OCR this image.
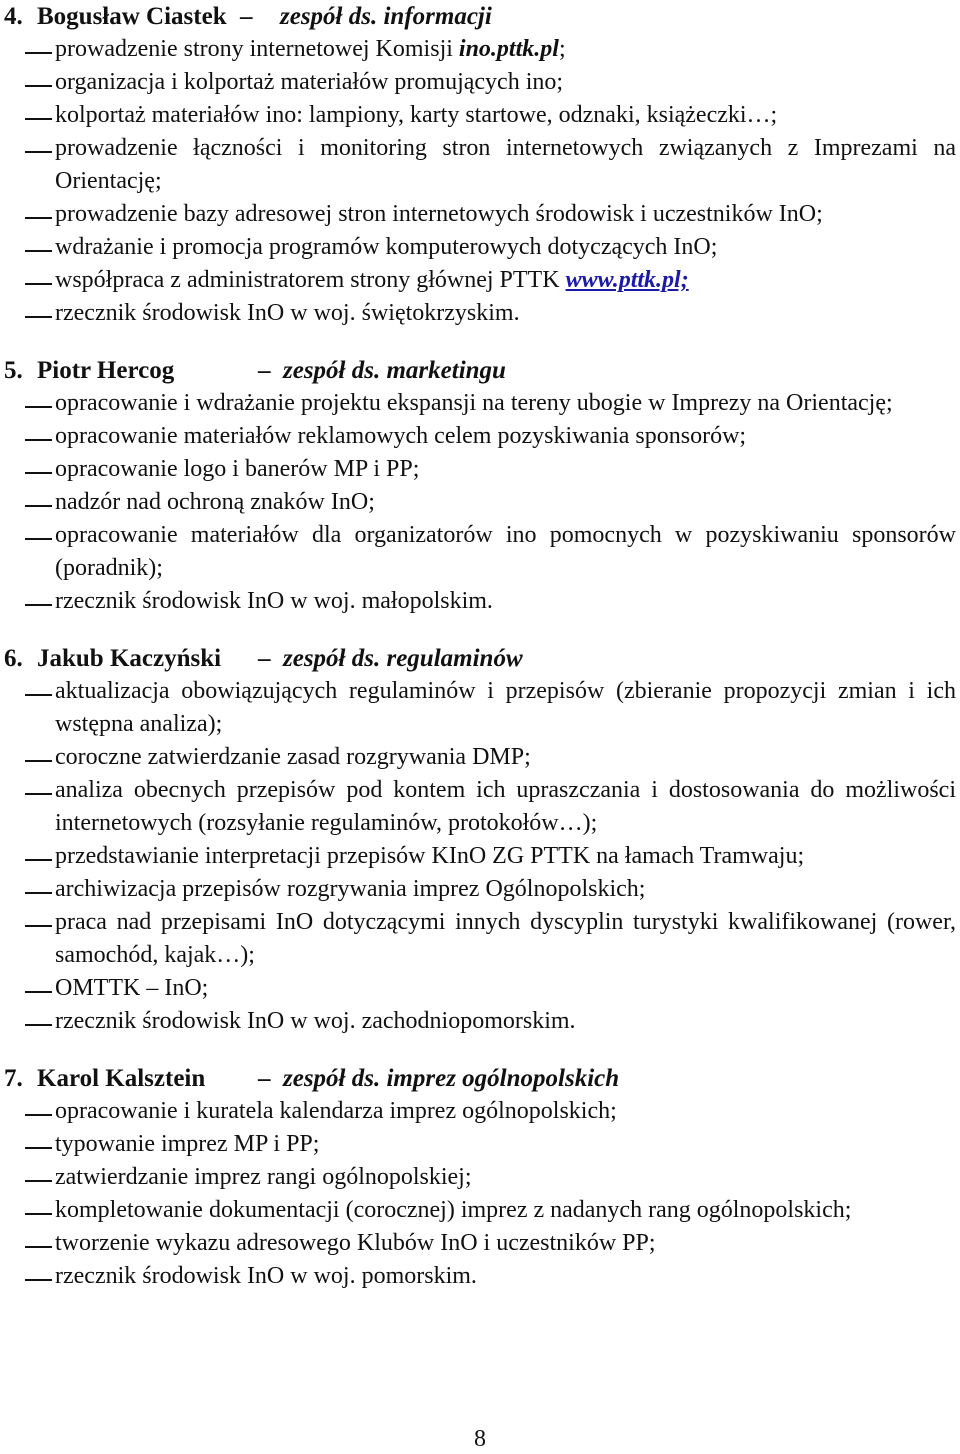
4. Bogusław Ciastek – zespół ds. informacji
prowadzenie strony internetowej Komisji ino.pttk.pl;
organizacja i kolportaż materiałów promujących ino;
kolportaż materiałów ino: lampiony, karty startowe, odznaki, książeczki…;
prowadzenie łączności i monitoring stron internetowych związanych z Imprezami na Orientację;
prowadzenie bazy adresowej stron internetowych środowisk i uczestników InO;
wdrażanie i promocja programów komputerowych dotyczących InO;
współpraca z administratorem strony głównej PTTK www.pttk.pl;
rzecznik środowisk InO w woj. świętokrzyskim.
5. Piotr Hercog	– zespół ds. marketingu
opracowanie i wdrażanie projektu ekspansji na tereny ubogie w Imprezy na Orientację;
opracowanie materiałów reklamowych celem pozyskiwania sponsorów;
opracowanie logo i banerów MP i PP;
nadzór nad ochroną znaków InO;
opracowanie materiałów dla organizatorów ino pomocnych w pozyskiwaniu sponsorów (poradnik);
rzecznik środowisk InO w woj. małopolskim.
6. Jakub Kaczyński – zespół ds. regulaminów
aktualizacja obowiązujących regulaminów i przepisów (zbieranie propozycji zmian i ich wstępna analiza);
coroczne zatwierdzanie zasad rozgrywania DMP;
analiza obecnych przepisów pod kontem ich upraszczania i dostosowania do możliwości internetowych (rozsyłanie regulaminów, protokołów…);
przedstawianie interpretacji przepisów KInO ZG PTTK na łamach Tramwaju;
archiwizacja przepisów rozgrywania imprez Ogólnopolskich;
praca nad przepisami InO dotyczącymi innych dyscyplin turystyki kwalifikowanej (rower, samochód, kajak…);
OMTTK – InO;
rzecznik środowisk InO w woj. zachodniopomorskim.
7. Karol Kalsztein – zespół ds. imprez ogólnopolskich
opracowanie i kuratela kalendarza imprez ogólnopolskich;
typowanie imprez MP i PP;
zatwierdzanie imprez rangi ogólnopolskiej;
kompletowanie dokumentacji (corocznej) imprez z nadanych rang ogólnopolskich;
tworzenie wykazu adresowego Klubów InO i uczestników PP;
rzecznik środowisk InO w woj. pomorskim.
8
